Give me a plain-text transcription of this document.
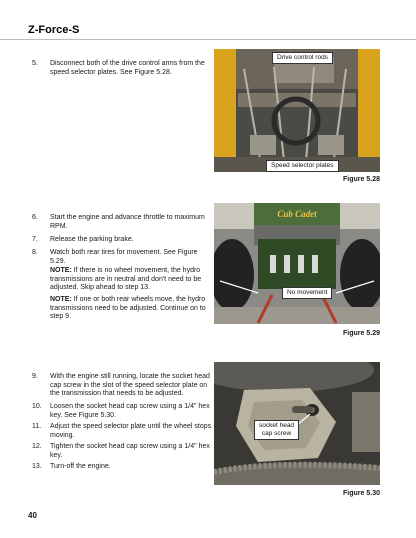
Z-Force-S
5.	Disconnect both of the drive control arms from the speed selector plates. See Figure 5.28.
Drive control rods
Speed selector plates
Figure 5.28
6.	Start the engine and advance throttle to maximum RPM.
7.	Release the parking brake.
8.	Watch both rear tires for movement. See Figure 5.29.
NOTE: If there is no wheel movement, the hydro transmissions are in neutral and don't need to be adjusted. Skip ahead to step 13.
NOTE: If one or both rear wheels move, the hydro transmissions need to be adjusted. Continue on to step 9.
Cub Cadet
No movement
Figure 5.29
9.	With the engine still running, locate the socket head cap screw in the slot of the speed selector plate on the transmission that needs to be adjusted.
10.	Loosen the socket head cap screw using a 1/4" hex key. See Figure 5.30.
11.	Adjust the speed selector plate until the wheel stops moving.
12.	Tighten the socket head cap screw using a 1/4" hex key.
13.	Turn-off the engine.
socket head
cap screw
Figure 5.30
40
